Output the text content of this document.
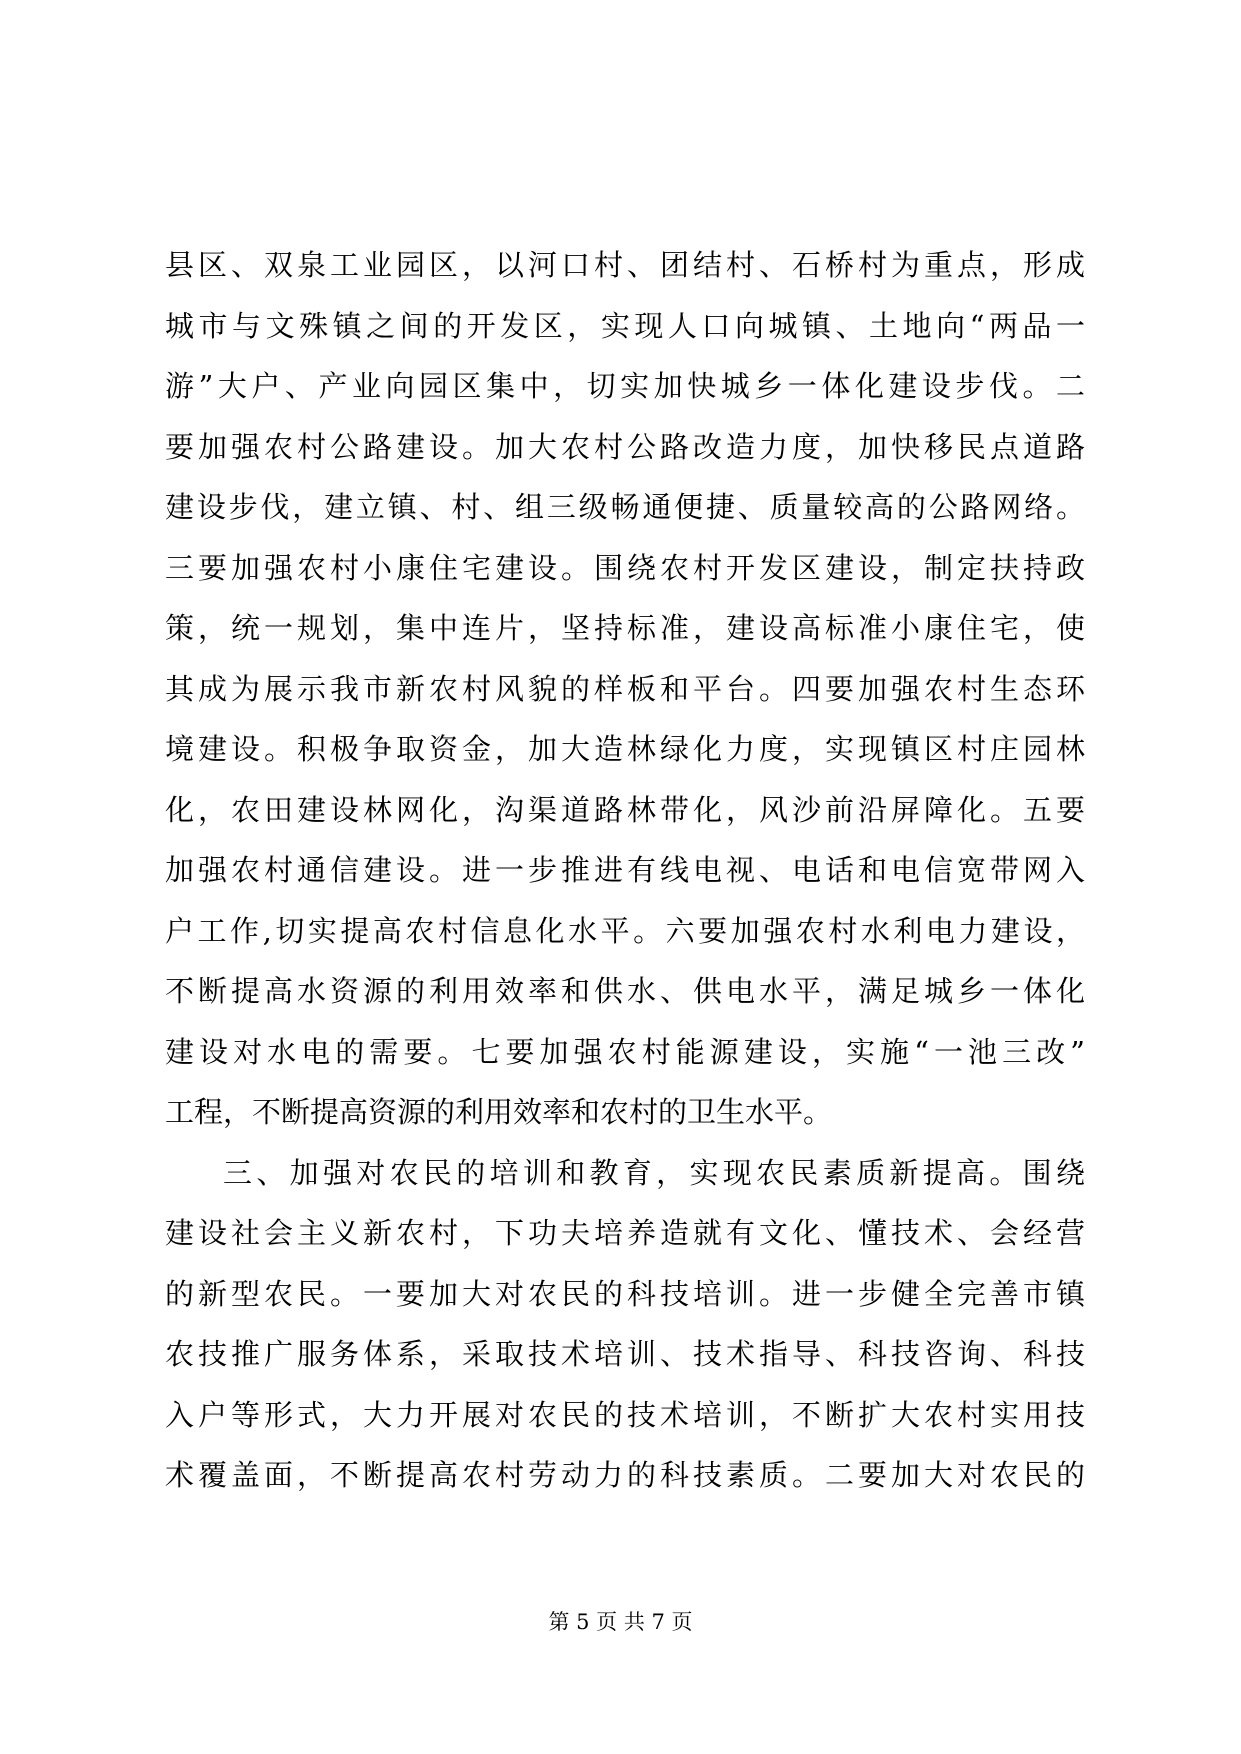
县区、双泉工业园区，以河口村、团结村、石桥村为重点，形成
城市与文殊镇之间的开发区，实现人口向城镇、土地向“两品一
游”大户、产业向园区集中，切实加快城乡一体化建设步伐。二
要加强农村公路建设。加大农村公路改造力度，加快移民点道路
建设步伐，建立镇、村、组三级畅通便捷、质量较高的公路网络。
三要加强农村小康住宅建设。围绕农村开发区建设，制定扶持政
策，统一规划，集中连片，坚持标准，建设高标准小康住宅，使
其成为展示我市新农村风貌的样板和平台。四要加强农村生态环
境建设。积极争取资金，加大造林绿化力度，实现镇区村庄园林
化，农田建设林网化，沟渠道路林带化，风沙前沿屏障化。五要
加强农村通信建设。进一步推进有线电视、电话和电信宽带网入
户工作,切实提高农村信息化水平。六要加强农村水利电力建设，
不断提高水资源的利用效率和供水、供电水平，满足城乡一体化
建设对水电的需要。七要加强农村能源建设，实施“一池三改”
工程，不断提高资源的利用效率和农村的卫生水平。
三、加强对农民的培训和教育，实现农民素质新提高。围绕
建设社会主义新农村，下功夫培养造就有文化、懂技术、会经营
的新型农民。一要加大对农民的科技培训。进一步健全完善市镇
农技推广服务体系，采取技术培训、技术指导、科技咨询、科技
入户等形式，大力开展对农民的技术培训，不断扩大农村实用技
术覆盖面，不断提高农村劳动力的科技素质。二要加大对农民的
第 5 页 共 7 页
